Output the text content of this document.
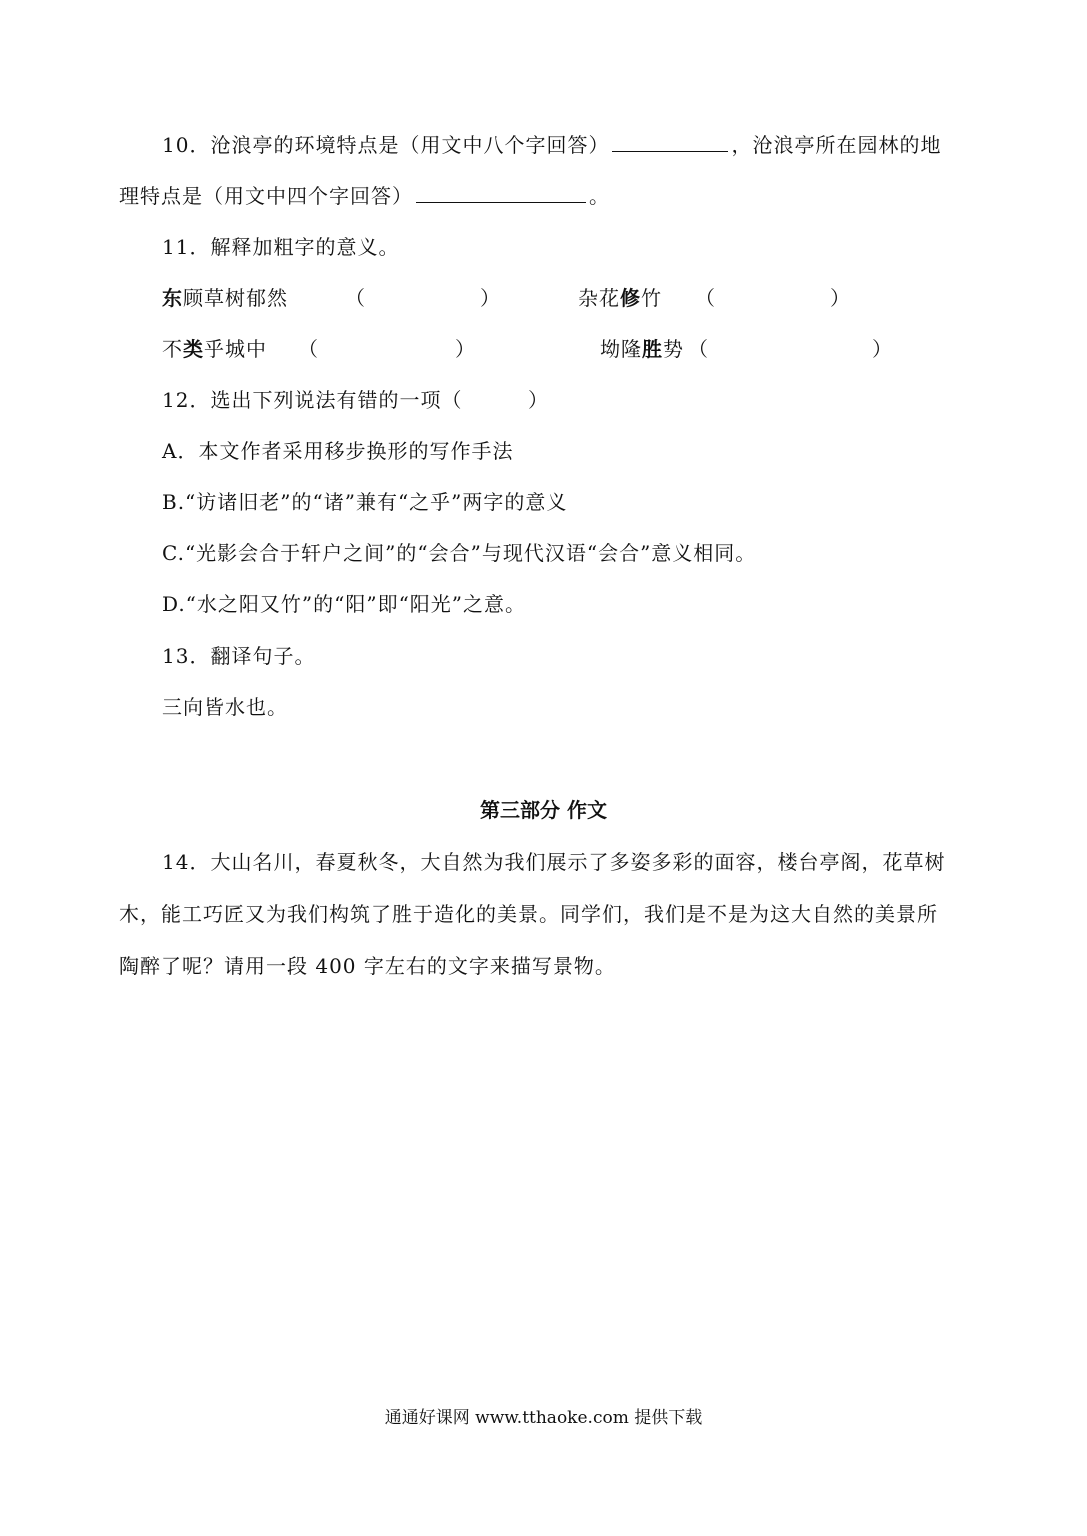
10．沧浪亭的环境特点是（用文中八个字回答）	，沧浪亭所在园林的地
理特点是（用文中四个字回答）	。
11．解释加粗字的意义。
东顾草树郁然	（	）	杂花修竹 （	）
不类乎城中 （	）	坳隆胜势 （	）
12．选出下列说法有错的一项（	）
A．本文作者采用移步换形的写作手法
B.“访诸旧老”的“诸”兼有“之乎”两字的意义
C.“光影会合于轩户之间”的“会合”与现代汉语“会合”意义相同。
D.“水之阳又竹”的“阳”即“阳光”之意。
13．翻译句子。
三向皆水也。
第三部分 作文
14．大山名川，春夏秋冬，大自然为我们展示了多姿多彩的面容，楼台亭阁，花草树
木，能工巧匠又为我们构筑了胜于造化的美景。同学们，我们是不是为这大自然的美景所
陶醉了呢？请用一段 400 字左右的文字来描写景物。
通通好课网 www.tthaoke.com 提供下载
